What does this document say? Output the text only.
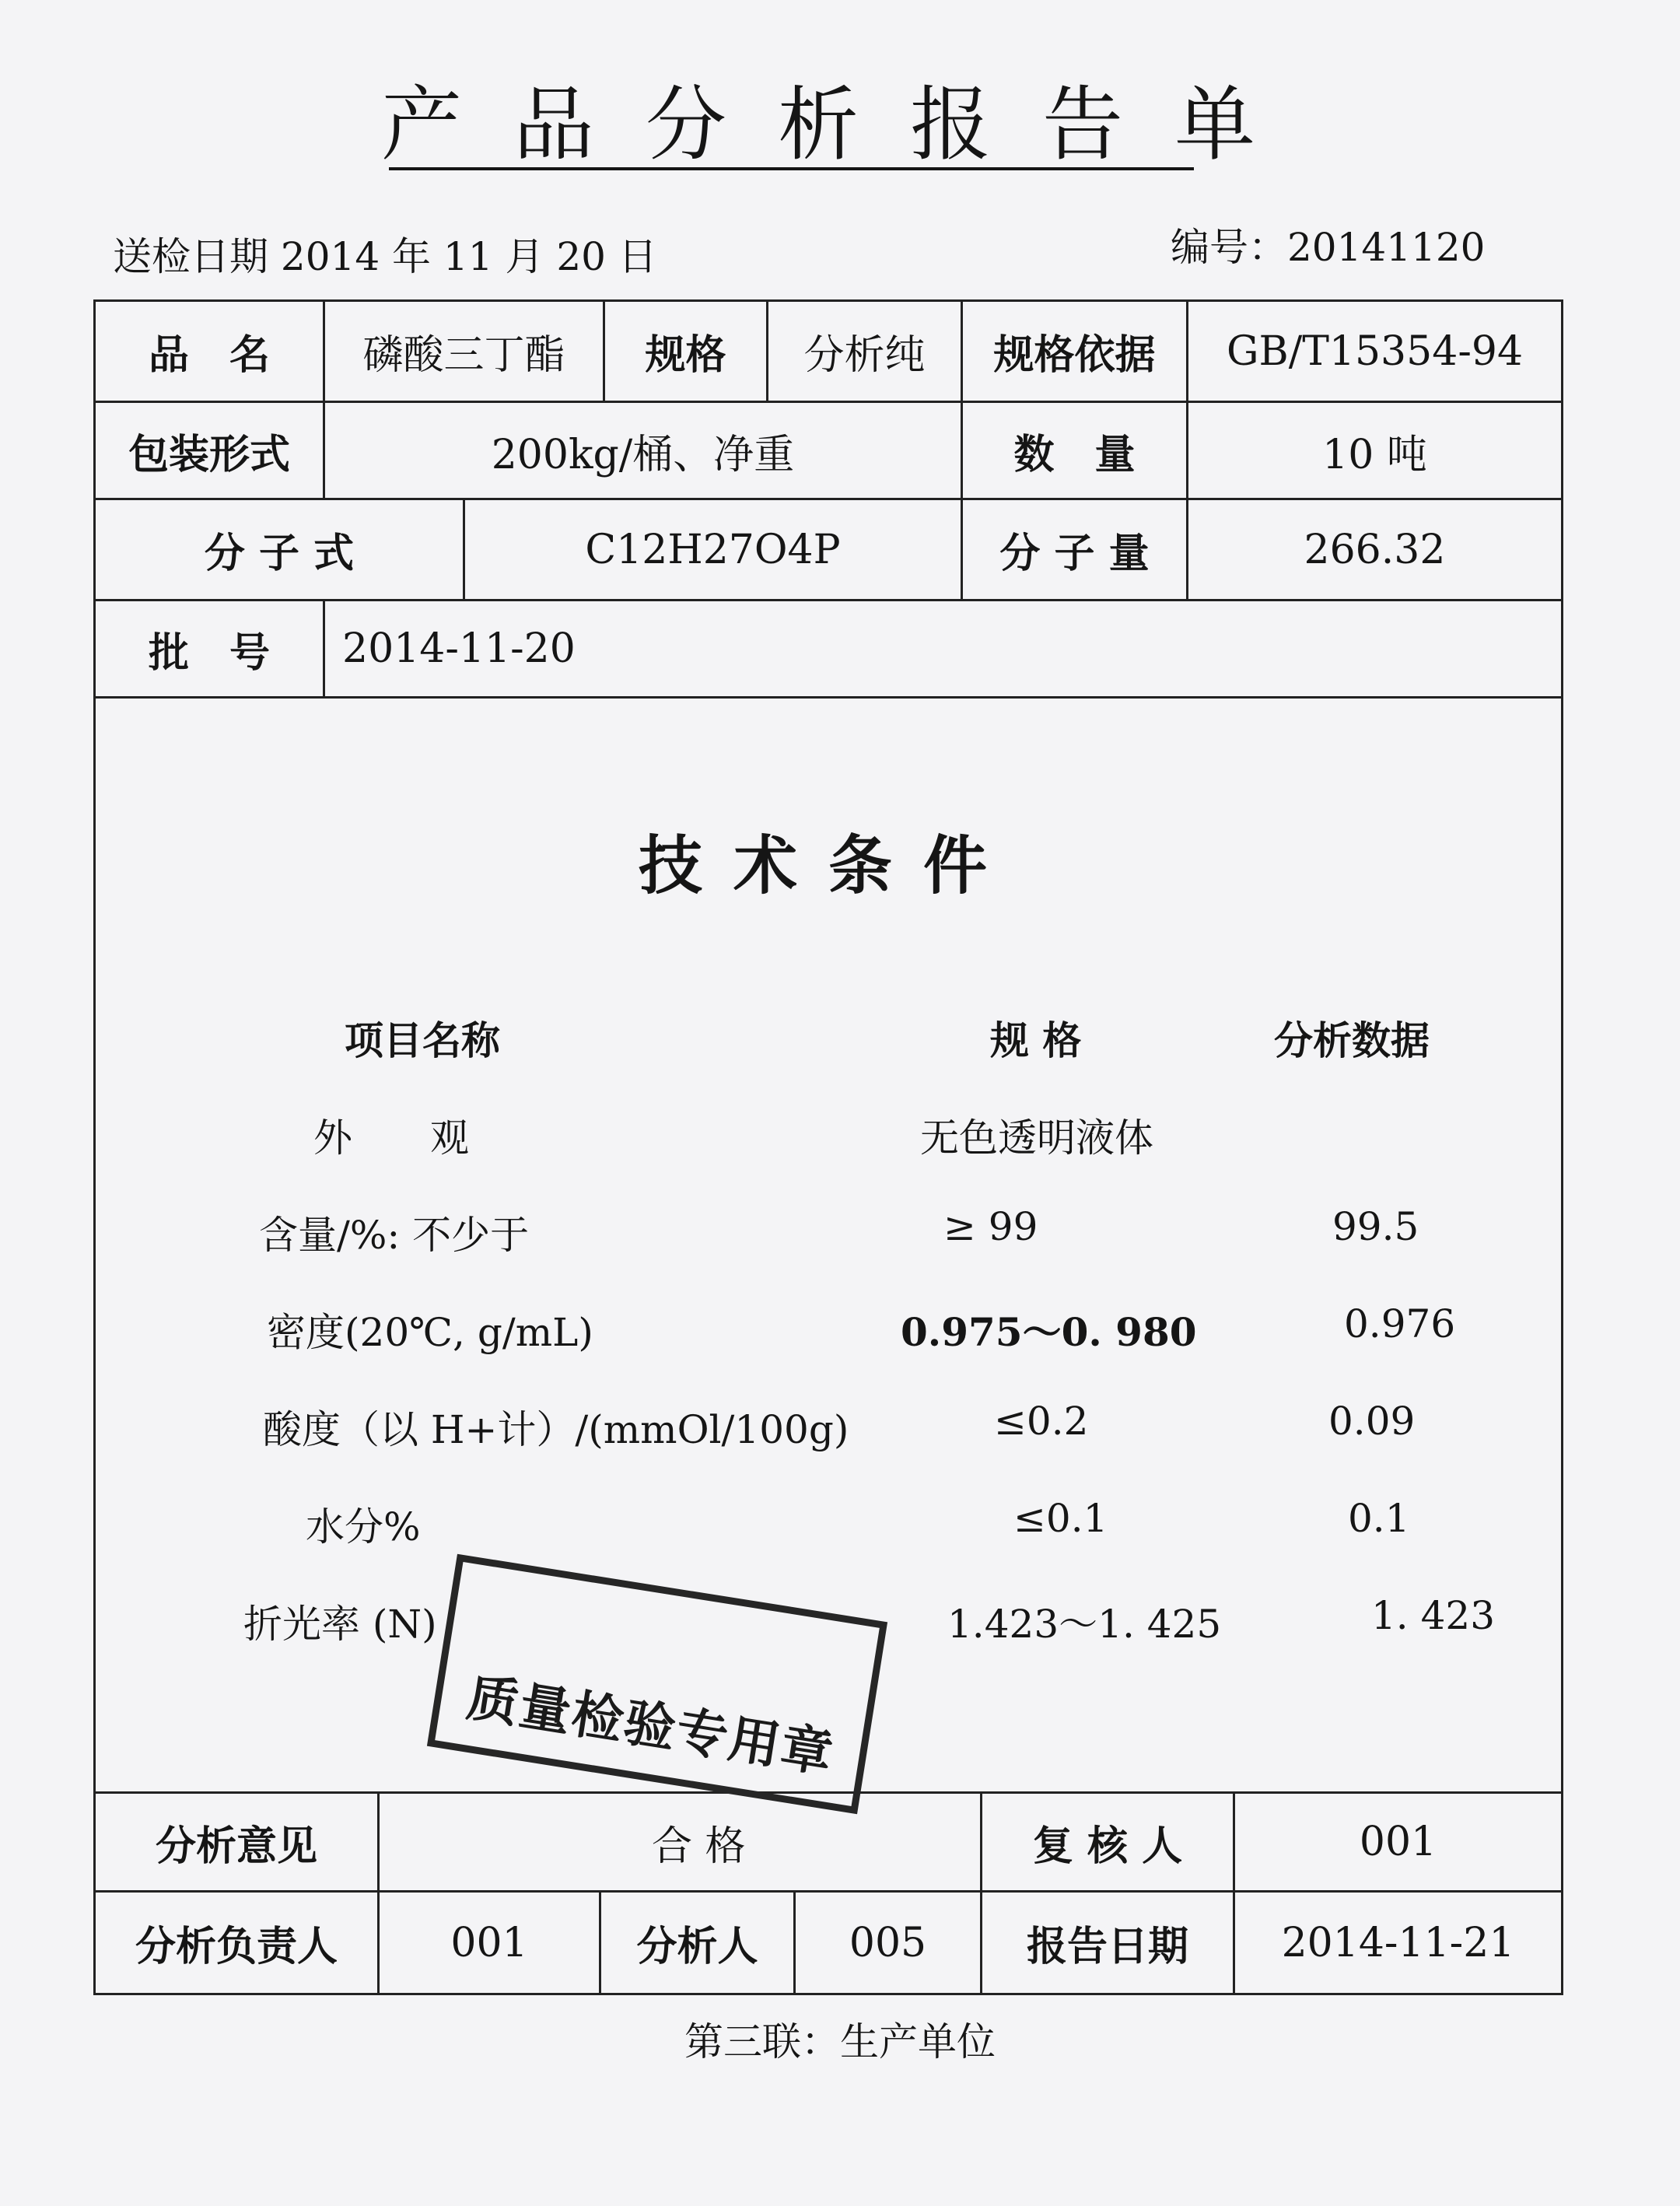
产品分析报告单
送检日期 2014 年 11 月 20 日	编号：20141120
品　名	磷酸三丁酯	规格	分析纯	规格依据	GB/T15354-94
包装形式	200kg/桶、净重	数　量	10 吨
分 子 式	C12H27O4P	分 子 量	266.32
批　号	2014-11-20
技术条件
项目名称	规 格	分析数据
外　　观	无色透明液体
含量/%: 不少于	≥ 99	99.5
密度(20℃, g/mL)	0.975～0. 980	0.976
酸度（以 H+计）/(mmOl/100g)	≤0.2	0.09
水分%	≤0.1	0.1
折光率 (N)	1.423～1. 425	1. 423
分析意见	合 格	复 核 人	001
分析负责人	001	分析人	005	报告日期	2014-11-21
质量检验专用章
第三联：生产单位
